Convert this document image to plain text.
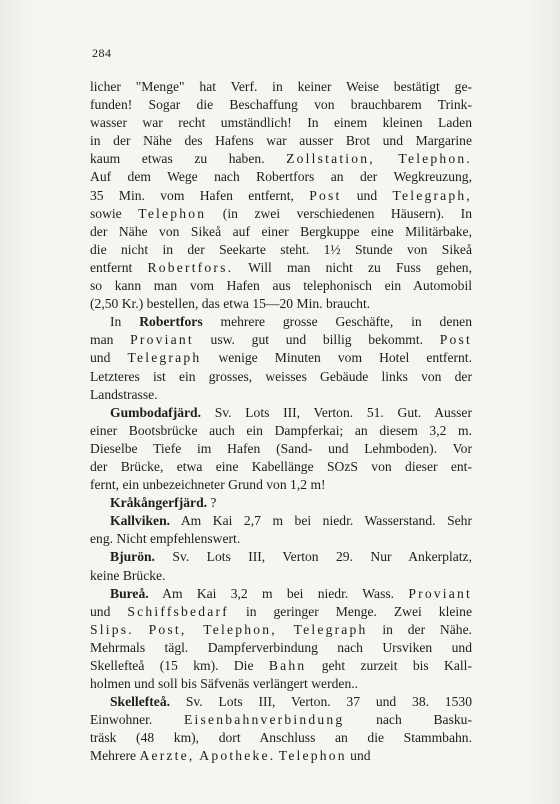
284

licher "Menge" hat Verf. in keiner Weise bestätigt ge-

funden! Sogar die Beschaffung von brauchbarem Trink-

wasser war recht umständlich! In einem kleinen Laden

in der Nähe des Hafens war ausser Brot und Margarine

kaum etwas zu haben. Zollstation, Telephon.

Auf dem Wege nach Robertfors an der Wegkreuzung,

35 Min. vom Hafen entfernt, Post und Telegraph,

sowie Telephon (in zwei verschiedenen Häusern). In

der Nähe von Sikeå auf einer Bergkuppe eine Militärbake,

die nicht in der Seekarte steht. 1½ Stunde von Sikeå

entfernt Robertfors. Will man nicht zu Fuss gehen,

so kann man vom Hafen aus telephonisch ein Automobil

(2,50 Kr.) bestellen, das etwa 15—20 Min. braucht.

In Robertfors mehrere grosse Geschäfte, in denen

man Proviant usw. gut und billig bekommt. Post

und Telegraph wenige Minuten vom Hotel entfernt.

Letzteres ist ein grosses, weisses Gebäude links von der

Landstrasse.

Gumbodafjärd. Sv. Lots III, Verton. 51. Gut. Ausser

einer Bootsbrücke auch ein Dampferkai; an diesem 3,2 m.

Dieselbe Tiefe im Hafen (Sand- und Lehmboden). Vor

der Brücke, etwa eine Kabellänge SOzS von dieser ent-

fernt, ein unbezeichneter Grund von 1,2 m!

Kråkångerfjärd. ?

Kallviken. Am Kai 2,7 m bei niedr. Wasserstand. Sehr

eng. Nicht empfehlenswert.

Bjurön. Sv. Lots III, Verton 29. Nur Ankerplatz,

keine Brücke.

Bureå. Am Kai 3,2 m bei niedr. Wass. Proviant

und Schiffsbedarf in geringer Menge. Zwei kleine

Slips. Post, Telephon, Telegraph in der Nähe.

Mehrmals tägl. Dampferverbindung nach Ursviken und

Skellefteå (15 km). Die Bahn geht zurzeit bis Kall-

holmen und soll bis Säfvenäs verlängert werden..

Skellefteå. Sv. Lots III, Verton. 37 und 38. 1530

Einwohner. Eisenbahnverbindung nach Basku-

träsk (48 km), dort Anschluss an die Stammbahn.

Mehrere Aerzte, Apotheke. Telephon und
